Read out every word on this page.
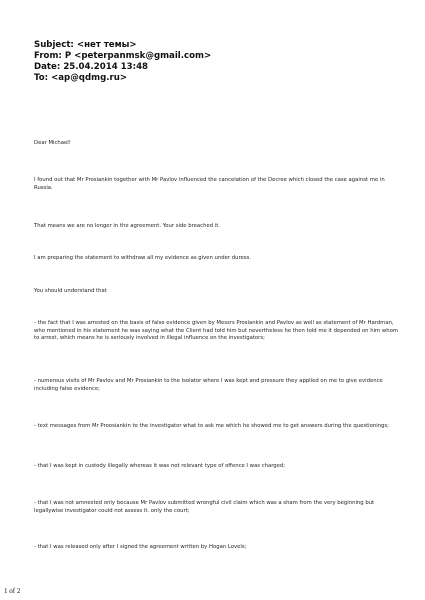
Subject: <нет темы>
From: P <peterpanmsk@gmail.com>
Date: 25.04.2014 13:48
To: <ap@qdmg.ru>

Dear Michael!

I found out that Mr Prosiankin together with Mr Pavlov influenced the cancelation of the Decree which closed the case against me in Russia.

That means we are no longer in the agreement. Your side breached it.

I am preparing the statement to withdraw all my evidence as given under duress.

You should understand that

- the fact that I was arrested on the basis of false evidence given by Messrs Prosiankin and Pavlov as well as statement of Mr Hardman, who mentioned in his statement he was saying what the Client had told him but nevertheless he then told me it depended on him whom to arrest, which means he is seriously involved in illegal influence on the investigators;

- numerous visits of Mr Pavlov and Mr Prosiankin to the Isolator where I was kept and pressure they applied on me to give evidence including false evidence;

- text messages from Mr Proosiankin to the investigator what to ask me which he showed me to get answers during the questionings;

- that I was kept in custody illegally whereas it was not relevant type of offence I was charged;

- that I was not amnested only because Mr Pavlov submitted wrongful civil claim which was a sham from the very beginning but legallywise investigator could not assess it. only the court;

- that I was released only after I signed the agreement written by Hogan Lovels;

1 of 2
